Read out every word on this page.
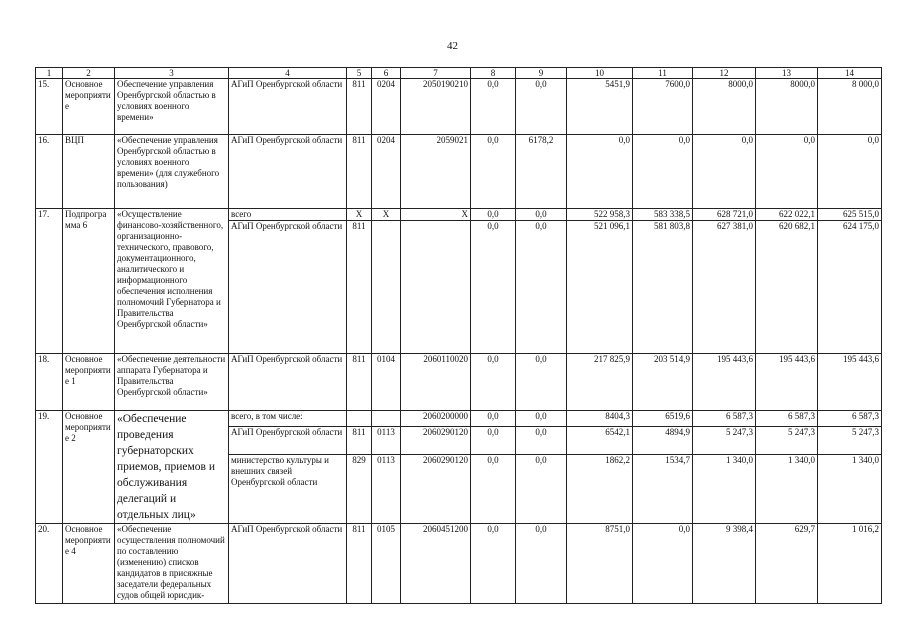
42
1	2	3	4	5	6	7	8	9	10	11	12	13	14
15.	Основное мероприятие	Обеспечение управления Оренбургской областью в условиях военного времени»	АГиП Оренбургской области	811	0204	2050190210	0,0	0,0	5451,9	7600,0	8000,0	8000,0	8 000,0
16.	ВЦП	«Обеспечение управления Оренбургской областью в условиях военного времени» (для служебного пользования)	АГиП Оренбургской области	811	0204	2059021	0,0	6178,2	0,0	0,0	0,0	0,0	0,0
17.	Подпрограмма 6	«Осуществление финансово-хозяйственного, организационно-технического, правового, документационного, аналитического и информационного обеспечения исполнения полномочий Губернатора и Правительства Оренбургской области»	всего	Х	Х	Х	0,0	0,0	522 958,3	583 338,5	628 721,0	622 022,1	625 515,0
			АГиП Оренбургской области	811			0,0	0,0	521 096,1	581 803,8	627 381,0	620 682,1	624 175,0
18.	Основное мероприятие 1	«Обеспечение деятельности аппарата Губернатора и Правительства Оренбургской области»	АГиП Оренбургской области	811	0104	2060110020	0,0	0,0	217 825,9	203 514,9	195 443,6	195 443,6	195 443,6
19.	Основное мероприятие 2	«Обеспечение проведения губернаторских приемов, приемов и обслуживания делегаций и отдельных лиц»	всего, в том числе:			2060200000	0,0	0,0	8404,3	6519,6	6 587,3	6 587,3	6 587,3
			АГиП Оренбургской области	811	0113	2060290120	0,0	0,0	6542,1	4894,9	5 247,3	5 247,3	5 247,3
			министерство культуры и внешних связей Оренбургской области	829	0113	2060290120	0,0	0,0	1862,2	1534,7	1 340,0	1 340,0	1 340,0
20.	Основное мероприятие 4	«Обеспечение осуществления полномочий по составлению (изменению) списков кандидатов в присяжные заседатели федеральных судов общей юрисдик-	АГиП Оренбургской области	811	0105	2060451200	0,0	0,0	8751,0	0,0	9 398,4	629,7	1 016,2
